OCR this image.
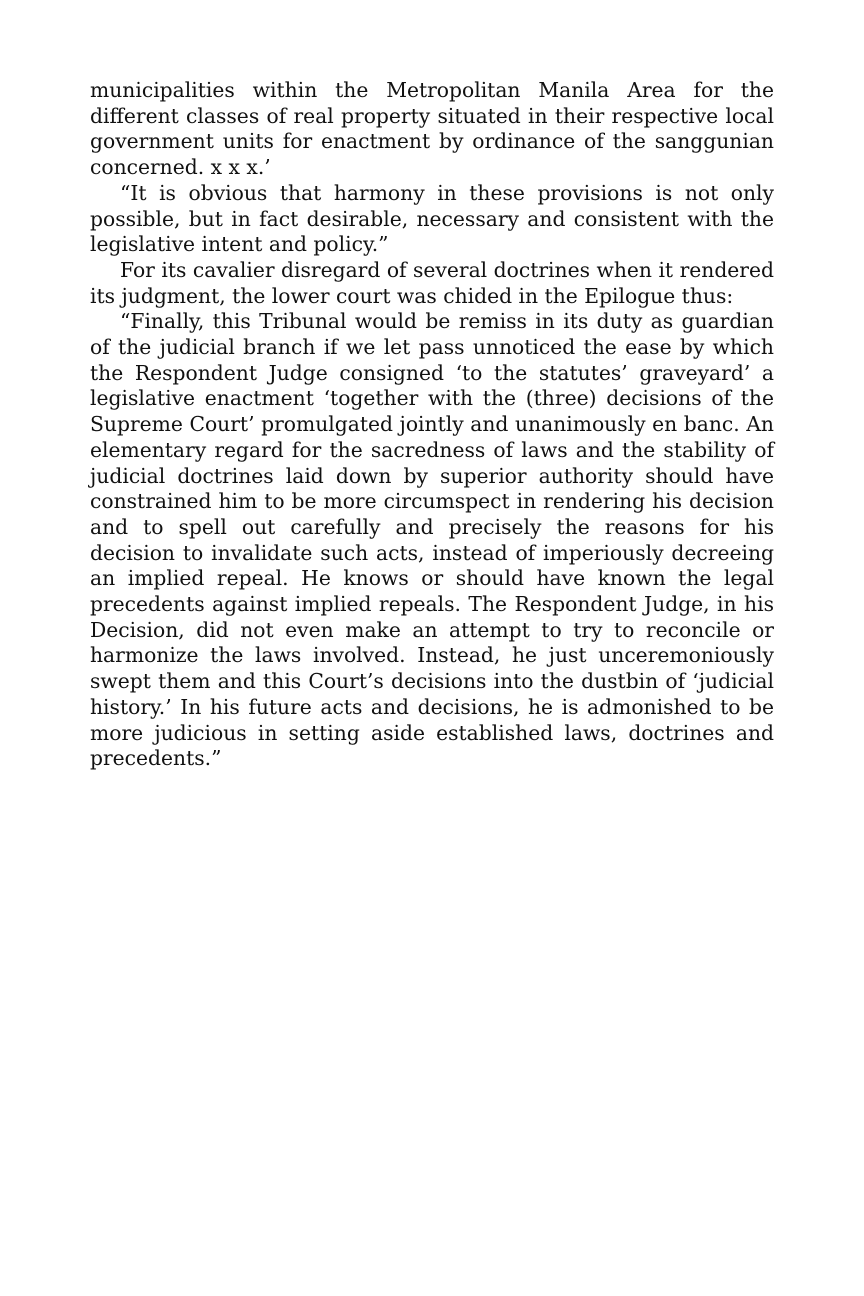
municipalities within the Metropolitan Manila Area for the different classes of real property situated in their respective local government units for enactment by ordinance of the sanggunian concerned. x x x.’

“It is obvious that harmony in these provisions is not only possible, but in fact desirable, necessary and consistent with the legislative intent and policy.”

For its cavalier disregard of several doctrines when it rendered its judgment, the lower court was chided in the Epilogue thus:

“Finally, this Tribunal would be remiss in its duty as guardian of the judicial branch if we let pass unnoticed the ease by which the Respondent Judge consigned ‘to the statutes’ graveyard’ a legislative enactment ‘together with the (three) decisions of the Supreme Court’ promulgated jointly and unanimously en banc. An elementary regard for the sacredness of laws and the stability of judicial doctrines laid down by superior authority should have constrained him to be more circumspect in rendering his decision and to spell out carefully and precisely the reasons for his decision to invalidate such acts, instead of imperiously decreeing an implied repeal. He knows or should have known the legal precedents against implied repeals. The Respondent Judge, in his Decision, did not even make an attempt to try to reconcile or harmonize the laws involved. Instead, he just unceremoniously swept them and this Court’s decisions into the dustbin of ‘judicial history.’ In his future acts and decisions, he is admonished to be more judicious in setting aside established laws, doctrines and precedents.”
